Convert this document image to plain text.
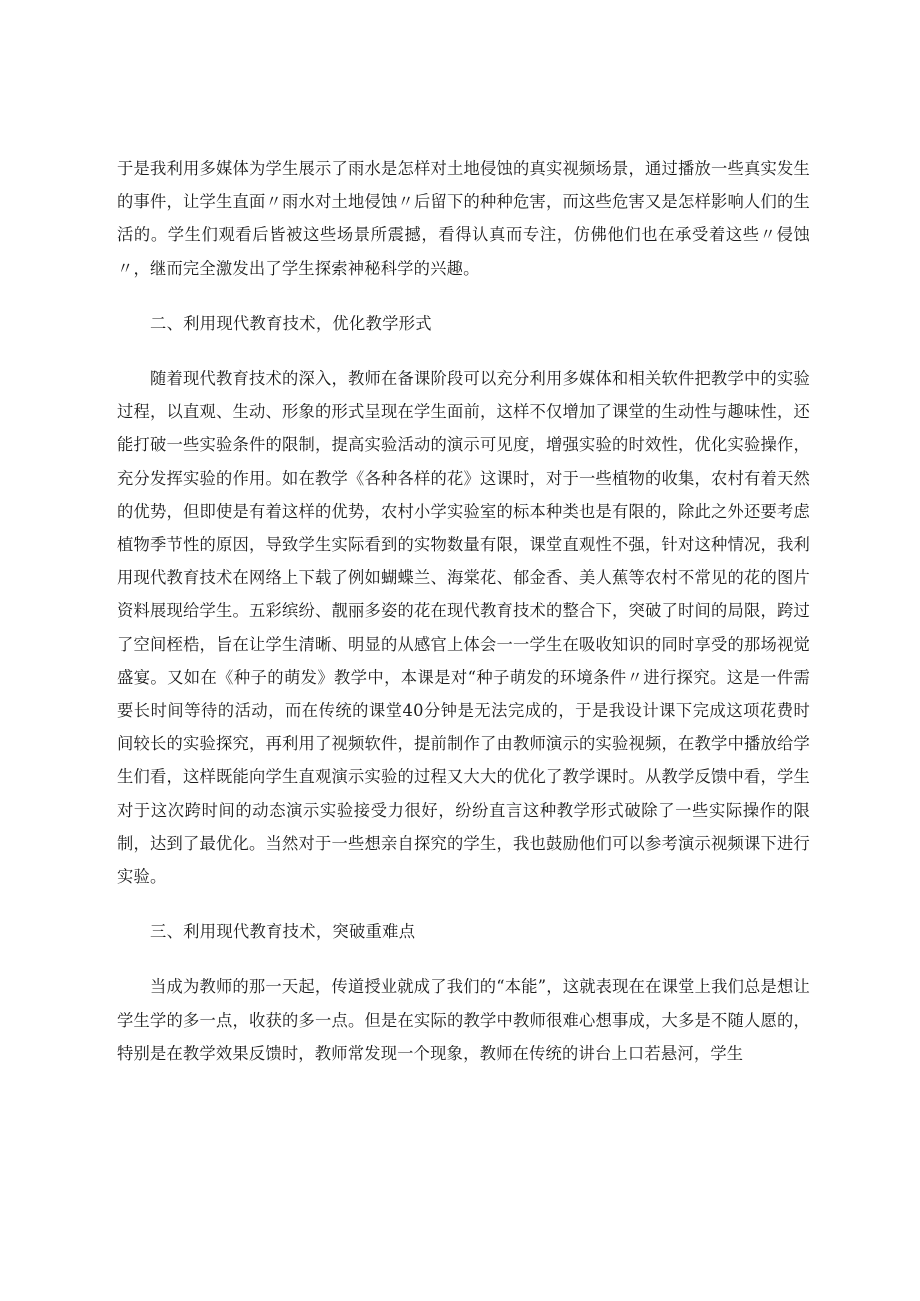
于是我利用多媒体为学生展示了雨水是怎样对土地侵蚀的真实视频场景，通过播放一些真实发生的事件，让学生直面〃雨水对土地侵蚀〃后留下的种种危害，而这些危害又是怎样影响人们的生活的。学生们观看后皆被这些场景所震撼，看得认真而专注，仿佛他们也在承受着这些〃侵蚀〃，继而完全激发出了学生探索神秘科学的兴趣。

二、利用现代教育技术，优化教学形式

随着现代教育技术的深入，教师在备课阶段可以充分利用多媒体和相关软件把教学中的实验过程，以直观、生动、形象的形式呈现在学生面前，这样不仅增加了课堂的生动性与趣味性，还能打破一些实验条件的限制，提高实验活动的演示可见度，增强实验的时效性，优化实验操作，充分发挥实验的作用。如在教学《各种各样的花》这课时，对于一些植物的收集，农村有着天然的优势，但即使是有着这样的优势，农村小学实验室的标本种类也是有限的，除此之外还要考虑植物季节性的原因，导致学生实际看到的实物数量有限，课堂直观性不强，针对这种情况，我利用现代教育技术在网络上下载了例如蝴蝶兰、海棠花、郁金香、美人蕉等农村不常见的花的图片资料展现给学生。五彩缤纷、靓丽多姿的花在现代教育技术的整合下，突破了时间的局限，跨过了空间桎梏，旨在让学生清晰、明显的从感官上体会一一学生在吸收知识的同时享受的那场视觉盛宴。又如在《种子的萌发》教学中，本课是对“种子萌发的环境条件〃进行探究。这是一件需要长时间等待的活动，而在传统的课堂40分钟是无法完成的，于是我设计课下完成这项花费时间较长的实验探究，再利用了视频软件，提前制作了由教师演示的实验视频，在教学中播放给学生们看，这样既能向学生直观演示实验的过程又大大的优化了教学课时。从教学反馈中看，学生对于这次跨时间的动态演示实验接受力很好，纷纷直言这种教学形式破除了一些实际操作的限制，达到了最优化。当然对于一些想亲自探究的学生，我也鼓励他们可以参考演示视频课下进行实验。

三、利用现代教育技术，突破重难点

当成为教师的那一天起，传道授业就成了我们的“本能”，这就表现在在课堂上我们总是想让学生学的多一点，收获的多一点。但是在实际的教学中教师很难心想事成，大多是不随人愿的，特别是在教学效果反馈时，教师常发现一个现象，教师在传统的讲台上口若悬河，学生
